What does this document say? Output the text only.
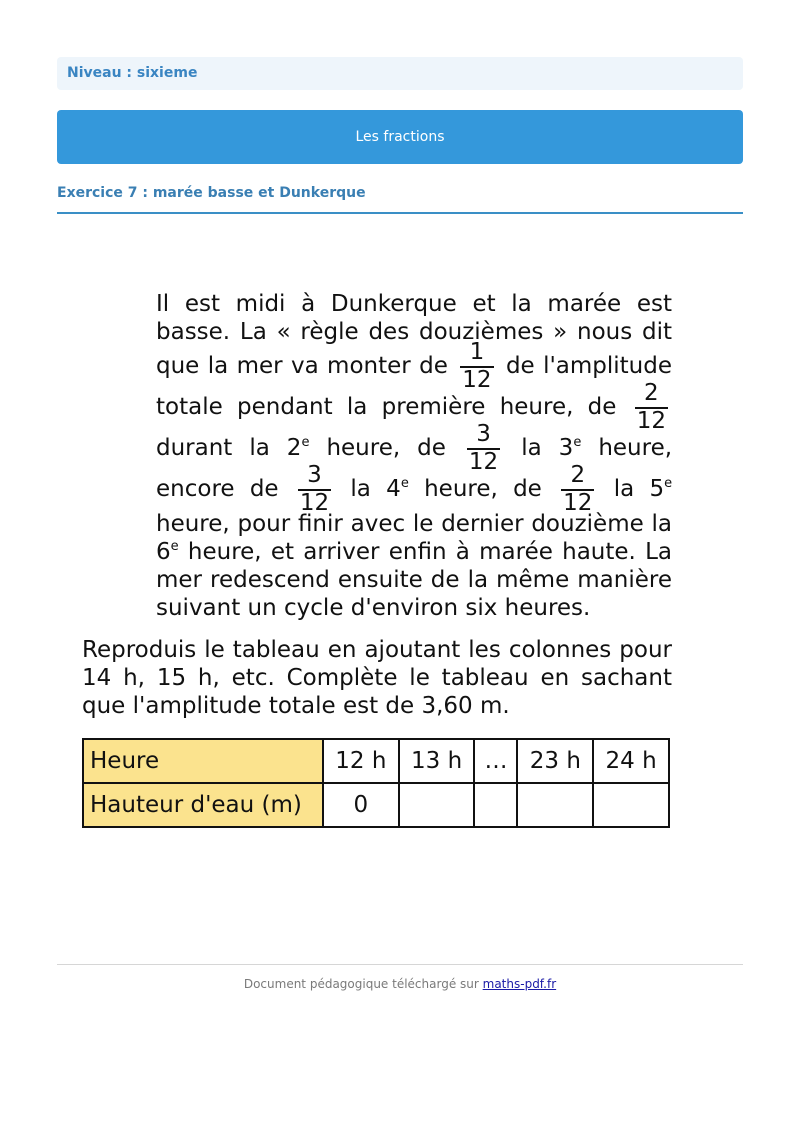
Niveau : sixieme
Les fractions
Exercice 7 : marée basse et Dunkerque
Il est midi à Dunkerque et la marée est basse. La « règle des douzièmes » nous dit que la mer va monter de $\frac{1}{12}$ de l'amplitude totale pendant la première heure, de $\frac{2}{12}$
durant la 2e heure, de $\frac{3}{12}$ la 3e heure, encore de $\frac{3}{12}$ la 4e heure, de $\frac{2}{12}$ la 5e heure, pour finir avec le dernier douzième la 6e heure, et arriver enfin à marée haute. La mer redescend ensuite de la même manière suivant un cycle d'environ six heures.
Reproduis le tableau en ajoutant les colonnes pour 14 h, 15 h, etc. Complète le tableau en sachant que l'amplitude totale est de 3,60 m.
Heure	12 h	13 h	…	23 h	24 h
Hauteur d'eau (m)	0				
Document pédagogique téléchargé sur maths-pdf.fr
